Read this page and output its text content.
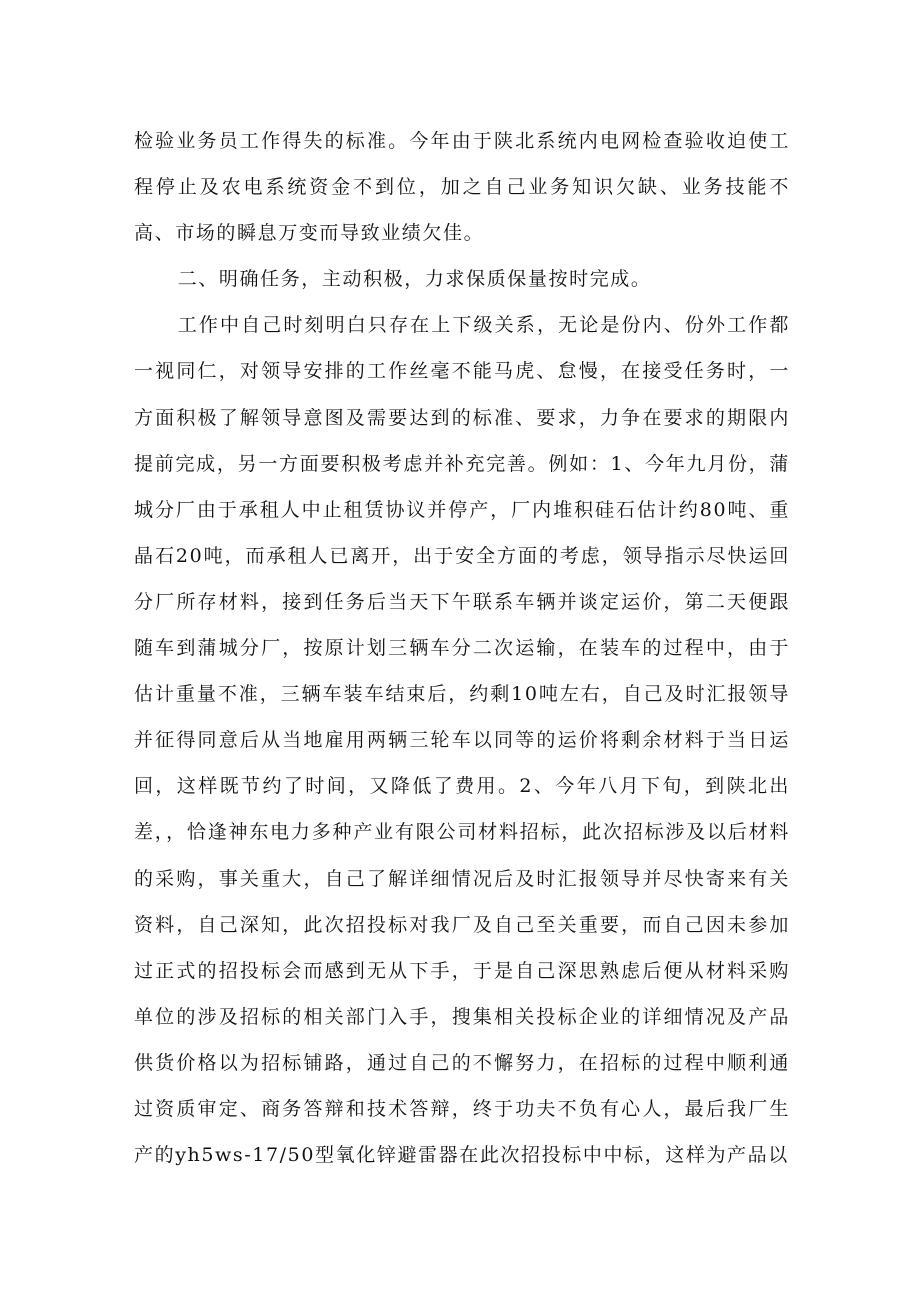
检验业务员工作得失的标准。今年由于陕北系统内电网检查验收迫使工程停止及农电系统资金不到位，加之自己业务知识欠缺、业务技能不高、市场的瞬息万变而导致业绩欠佳。

二、明确任务，主动积极，力求保质保量按时完成。

工作中自己时刻明白只存在上下级关系，无论是份内、份外工作都一视同仁，对领导安排的工作丝毫不能马虎、怠慢，在接受任务时，一方面积极了解领导意图及需要达到的标准、要求，力争在要求的期限内提前完成，另一方面要积极考虑并补充完善。例如：1、今年九月份，蒲城分厂由于承租人中止租赁协议并停产，厂内堆积硅石估计约80吨、重晶石20吨，而承租人已离开，出于安全方面的考虑，领导指示尽快运回分厂所存材料，接到任务后当天下午联系车辆并谈定运价，第二天便跟随车到蒲城分厂，按原计划三辆车分二次运输，在装车的过程中，由于估计重量不准，三辆车装车结束后，约剩10吨左右，自己及时汇报领导并征得同意后从当地雇用两辆三轮车以同等的运价将剩余材料于当日运回，这样既节约了时间，又降低了费用。2、今年八月下旬，到陕北出差，，恰逢神东电力多种产业有限公司材料招标，此次招标涉及以后材料的采购，事关重大，自己了解详细情况后及时汇报领导并尽快寄来有关资料，自己深知，此次招投标对我厂及自己至关重要，而自己因未参加过正式的招投标会而感到无从下手，于是自己深思熟虑后便从材料采购单位的涉及招标的相关部门入手，搜集相关投标企业的详细情况及产品供货价格以为招标铺路，通过自己的不懈努力，在招标的过程中顺利通过资质审定、商务答辩和技术答辩，终于功夫不负有心人，最后我厂生产的yh5ws-17/50型氧化锌避雷器在此次招投标中中标，这样为产品以
